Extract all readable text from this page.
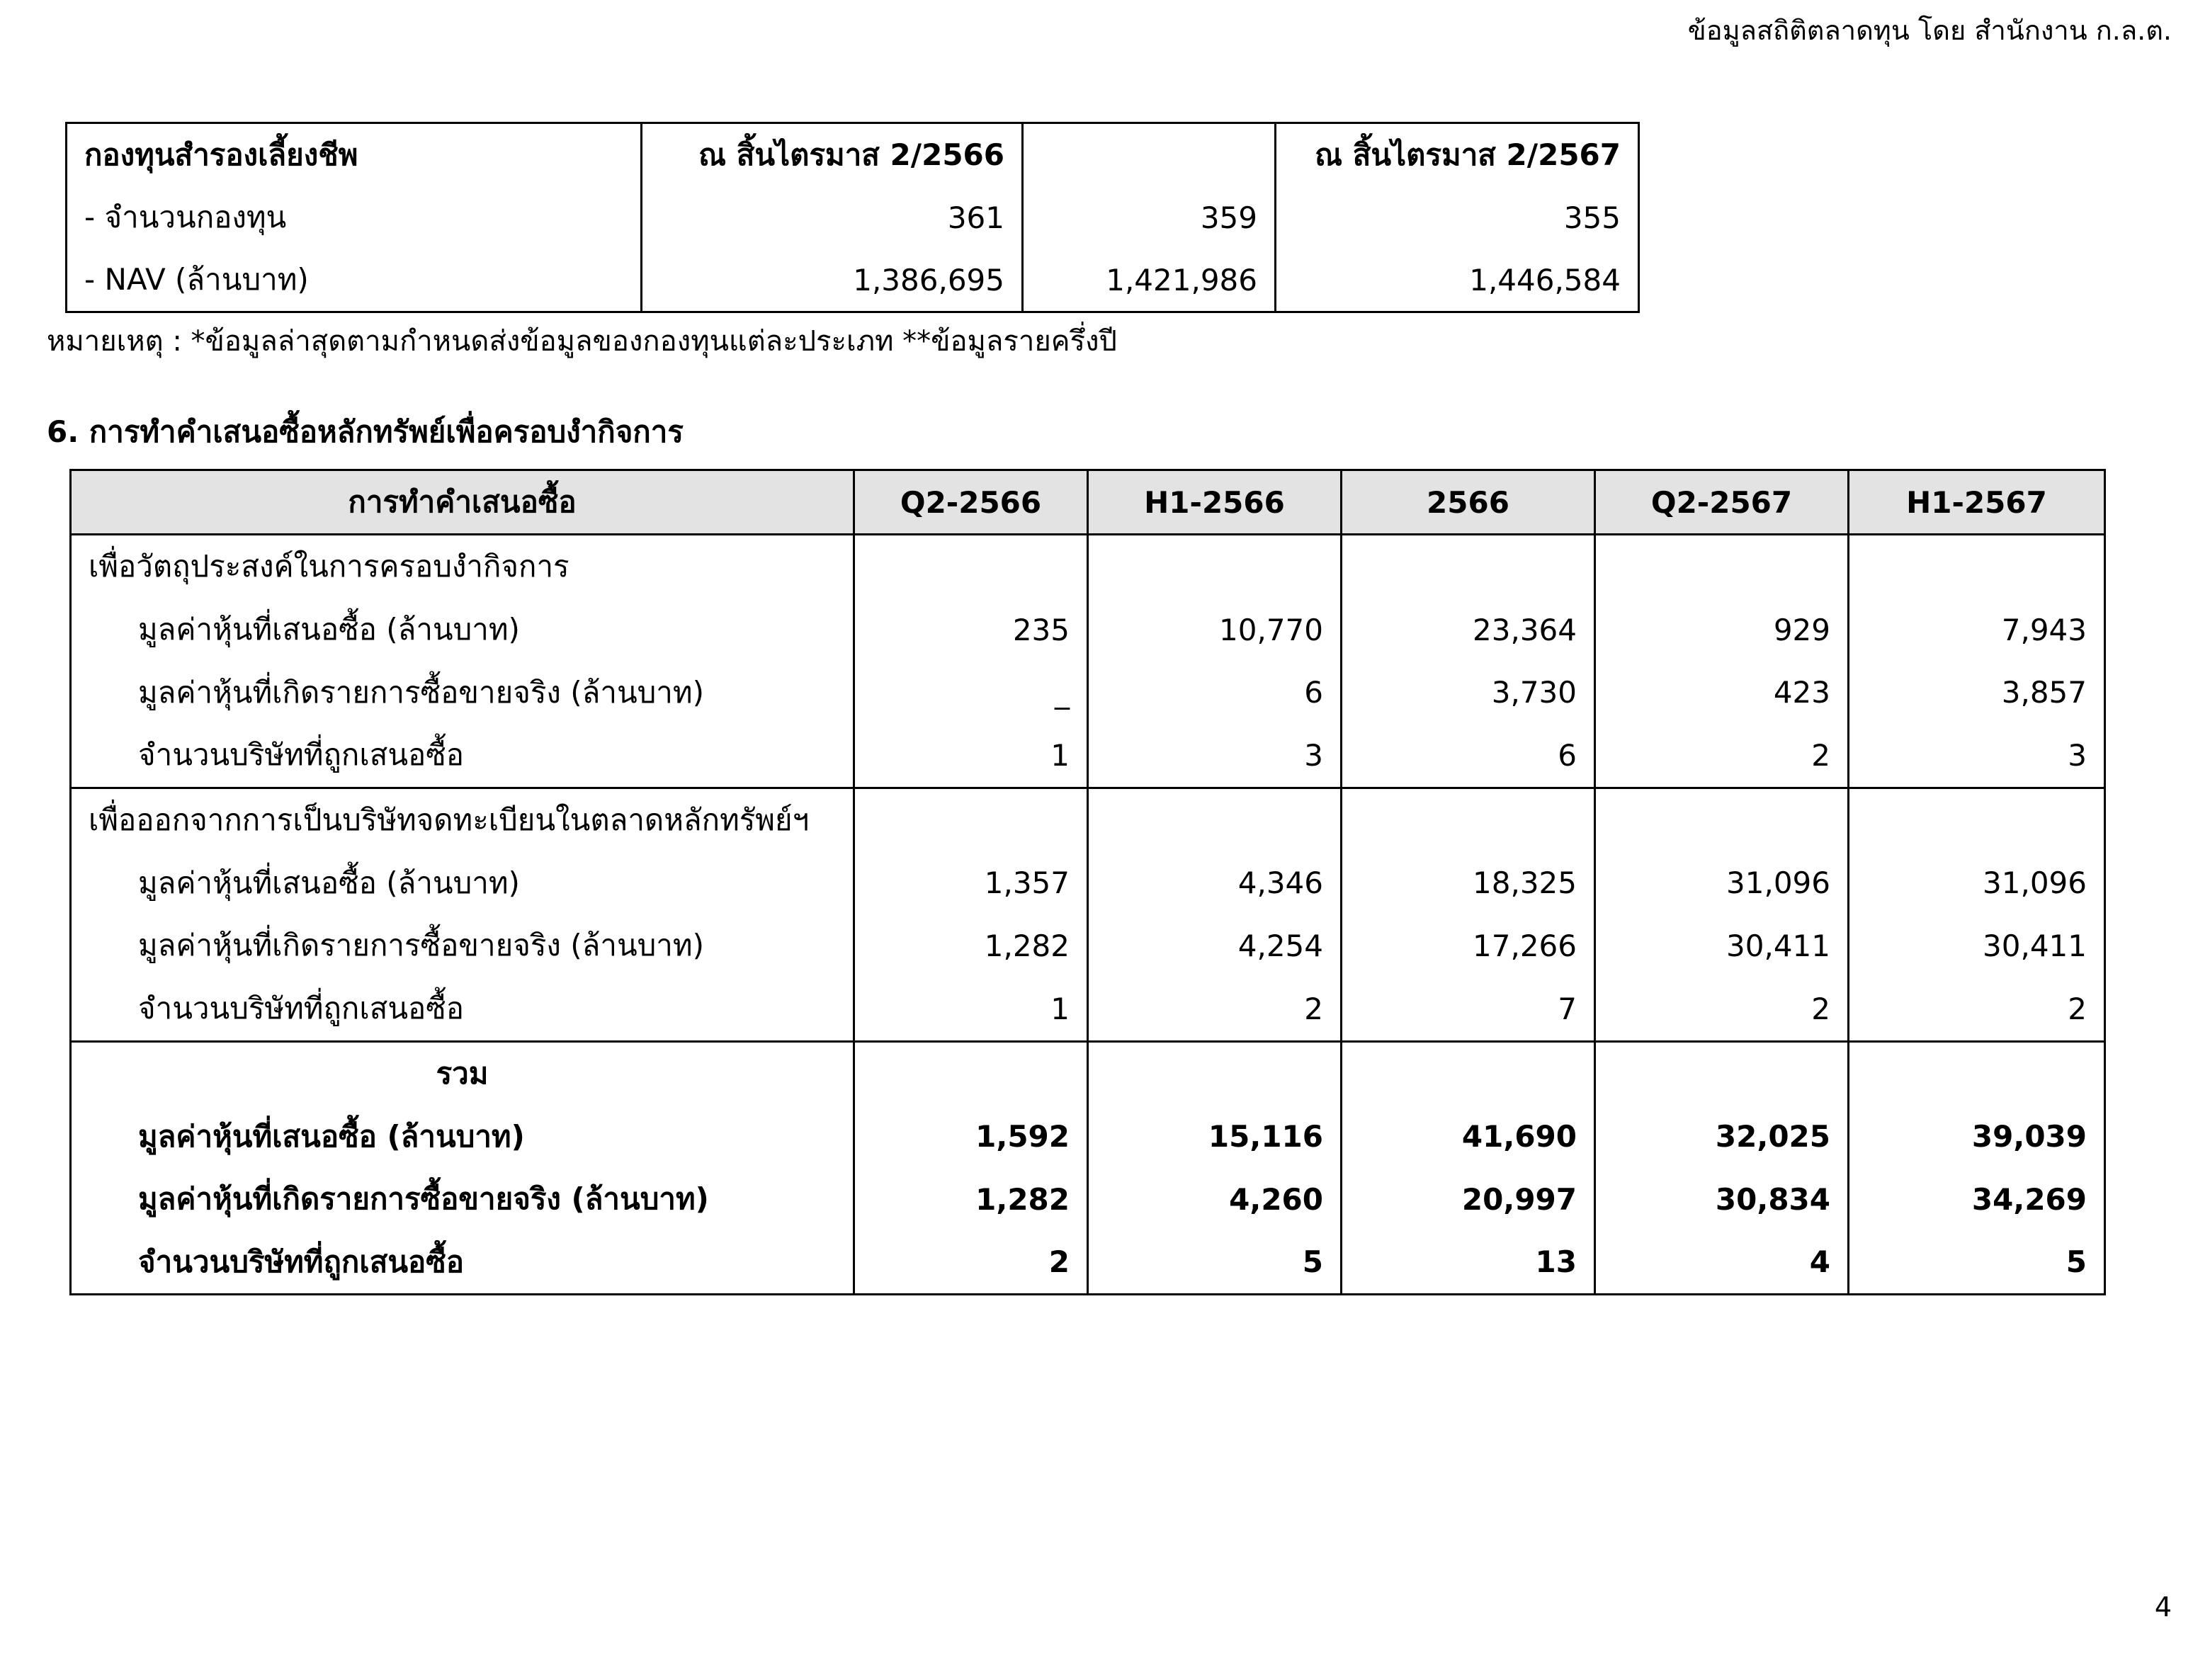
ข้อมูลสถิติตลาดทุน โดย สำนักงาน ก.ล.ต.
กองทุนสำรองเลี้ยงชีพ	ณ สิ้นไตรมาส 2/2566		ณ สิ้นไตรมาส 2/2567
- จำนวนกองทุน	361	359	355
- NAV (ล้านบาท)	1,386,695	1,421,986	1,446,584
หมายเหตุ : *ข้อมูลล่าสุดตามกำหนดส่งข้อมูลของกองทุนแต่ละประเภท **ข้อมูลรายครึ่งปี
6. การทำคำเสนอซื้อหลักทรัพย์เพื่อครอบงำกิจการ
การทำคำเสนอซื้อ	Q2-2566	H1-2566	2566	Q2-2567	H1-2567
เพื่อวัตถุประสงค์ในการครอบงำกิจการ					
มูลค่าหุ้นที่เสนอซื้อ (ล้านบาท)	235	10,770	23,364	929	7,943
มูลค่าหุ้นที่เกิดรายการซื้อขายจริง (ล้านบาท)	_	6	3,730	423	3,857
จำนวนบริษัทที่ถูกเสนอซื้อ	1	3	6	2	3
เพื่อออกจากการเป็นบริษัทจดทะเบียนในตลาดหลักทรัพย์ฯ					
มูลค่าหุ้นที่เสนอซื้อ (ล้านบาท)	1,357	4,346	18,325	31,096	31,096
มูลค่าหุ้นที่เกิดรายการซื้อขายจริง (ล้านบาท)	1,282	4,254	17,266	30,411	30,411
จำนวนบริษัทที่ถูกเสนอซื้อ	1	2	7	2	2
รวม					
มูลค่าหุ้นที่เสนอซื้อ (ล้านบาท)	1,592	15,116	41,690	32,025	39,039
มูลค่าหุ้นที่เกิดรายการซื้อขายจริง (ล้านบาท)	1,282	4,260	20,997	30,834	34,269
จำนวนบริษัทที่ถูกเสนอซื้อ	2	5	13	4	5
4
